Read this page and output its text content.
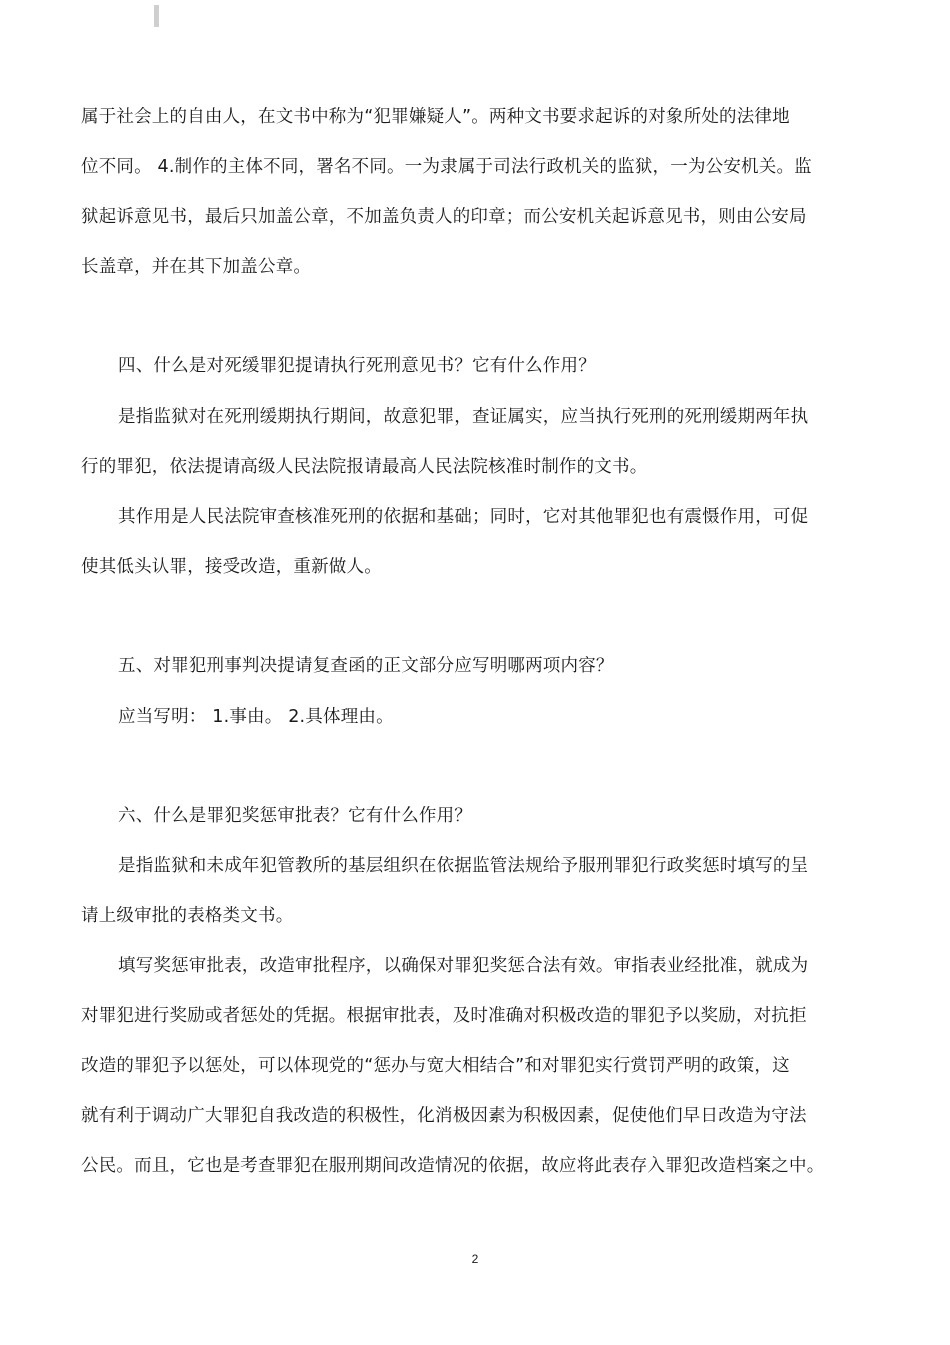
属于社会上的自由人，在文书中称为“犯罪嫌疑人”。两种文书要求起诉的对象所处的法律地
位不同。 4.制作的主体不同，署名不同。一为隶属于司法行政机关的监狱，一为公安机关。监
狱起诉意见书，最后只加盖公章，不加盖负责人的印章；而公安机关起诉意见书，则由公安局
长盖章，并在其下加盖公章。
四、什么是对死缓罪犯提请执行死刑意见书？它有什么作用？
是指监狱对在死刑缓期执行期间，故意犯罪，查证属实，应当执行死刑的死刑缓期两年执
行的罪犯，依法提请高级人民法院报请最高人民法院核准时制作的文书。
其作用是人民法院审查核准死刑的依据和基础；同时，它对其他罪犯也有震慑作用，可促
使其低头认罪，接受改造，重新做人。
五、对罪犯刑事判决提请复查函的正文部分应写明哪两项内容？
应当写明： 1.事由。 2.具体理由。
六、什么是罪犯奖惩审批表？它有什么作用？
是指监狱和未成年犯管教所的基层组织在依据监管法规给予服刑罪犯行政奖惩时填写的呈
请上级审批的表格类文书。
填写奖惩审批表，改造审批程序，以确保对罪犯奖惩合法有效。审指表业经批准，就成为
对罪犯进行奖励或者惩处的凭据。根据审批表，及时准确对积极改造的罪犯予以奖励，对抗拒
改造的罪犯予以惩处，可以体现党的“惩办与宽大相结合”和对罪犯实行赏罚严明的政策，这
就有利于调动广大罪犯自我改造的积极性，化消极因素为积极因素，促使他们早日改造为守法
公民。而且，它也是考查罪犯在服刑期间改造情况的依据，故应将此表存入罪犯改造档案之中。
2
